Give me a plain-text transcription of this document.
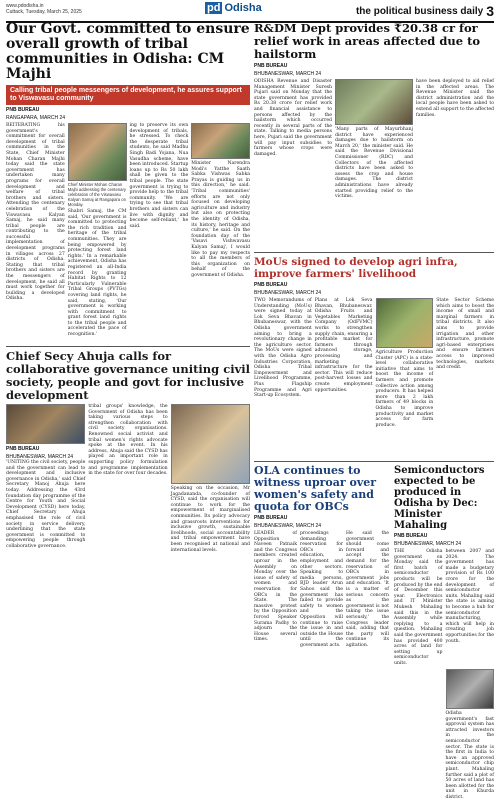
www.pdodisha.in
Cuttack, Tuesday, March 25, 2025	pd Odisha	the political business daily 3
Our Govt. committed to ensure overall growth of tribal communities in Odisha: CM Majhi
Calling tribal people messengers of development, he assures support to Viswavasu community
PNB BUREAU
RANGAPARA, MARCH 24
REITERATING his government's commitment for overall development of tribal communities in the State, Chief Minister Mohan Charan Majhi today said the state government has undertaken many programs for overall development and welfare of tribal brothers and sisters. Attending the centenary celebration of the Viswavasu Kalyan Samaj, he said many tribal people are contributing to the successful implementation of development programs in villages across 27 districts of Odisha. Stating that tribal brothers and sisters are the messengers of development, he said all must work together for building a developed Odisha.
Chief Minister Mohan Charan Majhi addressing the centenary celebration of the Viswavasu Kalyan Samaj at Rangapara on Monday.
Shabri Samaj, the CM said, 'Our government is committed to protecting the rich tradition and heritage of the tribal communities. They are being empowered by protecting forest land rights.' In a remarkable achievement, Odisha has registered an all-India record by granting Habitat Rights to 12 Particularly Vulnerable Tribal Groups (PVTGs) covering land rights, he said, stating, 'Our government is working with commitment to grant forest land rights to the tribal people and accelerated the pace of recognition.'
ing to preserve its own development of tribals, he stressed. To check the desperate tribal students, he said Madhu Singh Badi Yojana, Nua Vasudha scheme, have been introduced. Startup loans up to Rs 50 lakh shall be given to the tribal people. The state government is trying to provide help to the tribal community. 'We are trying to see that tribal brothers and sisters can live with dignity and become self-reliant,' he said.
Minister Narendra Modi's Yatthe Saath Sabka Vishwas Sabka Prayas is guiding us in this direction,' he said. 'Tribal communities' efforts are not only focused on developing agriculture and industry but also on protecting the identity of Odisha, its history, heritage and culture,' he said. On the foundation day of the 'Vasavi Vishwavasu Kalyan Samaj', I would like to pay my respects to all the members of this organization on behalf of the government of Odisha.
Chief Secy Ahuja calls for collaborative governance uniting civil society, people and govt for inclusive development
PNB BUREAU
BHUBANESWAR, MARCH 24
'UNITING the civil society, people and the government can lead to development and inclusive governance in Odisha,' said Chief Secretary Manoj Ahuja here today. Addressing the 43rd foundation day programme of the Centre for Youth and Social Development (CYSD) here today, Chief Secretary Ahuja emphasised the role of civil society in service delivery, underlining that the state government is committed to empowering people through collaborative governance.
tribal groups' knowledge, the Government of Odisha has been taking various steps to strengthen collaboration with civil society organisations. Renowned social activist and tribal women's rights advocate spoke at the event. In his address, Ahuja said the CYSD has played an important role in supporting policy formulation and programme implementation in the state for over four decades.
Speaking on the occasion, Mr Jagadananda, co-founder of CYSD, said the organisation will continue to work for the empowerment of marginalised communities. Its policy advocacy and grassroots interventions for inclusive growth, sustainable livelihoods, social accountability and tribal empowerment have been recognised at national and international levels.
R&DM Dept provides ₹20.38 cr for relief work in areas affected due to hailstorm
PNB BUREAU
BHUBANESWAR, MARCH 24
ODISHA Revenue and Disaster Management Minister Suresh Pujari said on Monday that the state government has provided Rs 20.38 crore for relief work and financial assistance to persons affected by the hailstorm which occurred recently in several parts of the state. Talking to media persons here, Pujari said the government will pay input subsidies to farmers whose crops were damaged.
'Many parts of Mayurbhanj district have experienced damages due to hailstorm on March 20,' the minister said. He said the Revenue Divisional Commissioner (RDC) and Collectors of the affected districts have been asked to assess the crop and house damages. The district administrations have already started providing relief to the victims.
have been deployed to aid relief in the affected areas. The Revenue Minister said the district administration and the local people have been asked to extend all support to the affected families.
MoUs signed to develop agri infra, improve farmers' livelihood
PNB BUREAU
BHUBANESWAR, MARCH 24
TWO Memorandums of Understanding (MoUs) were signed today at Lok Seva Bhavan in Bhubaneswar, with the Odisha government aiming to bring a revolutionary change in the agriculture sector. The MoUs were signed with the Odisha Agro Industries Corporation, Odisha Tribal Empowerment and Livelihood Programme, Plus Flagship Programme and Agri Start-up Ecosystem.
Plans at Lok Seva Bhavan, Bhubaneswar. Odisha Fruits and Vegetables Marketing Company (OdFVMC) works to strengthen supply chain, ensuring a profitable market for farmers through advanced storage, processing and marketing infrastructure for the sector. This will reduce post-harvest losses and create employment opportunities.
Agriculture Production Cluster (APC) is a state-level collaborative initiative that aims to boost the income of farmers and promote collective action among producers. It has helped more than 2 lakh farmers of 49 blocks in Odisha to improve productivity and market access for farm produce.
State Sector Scheme which aims to boost the income of small and marginal farmers in tribal districts. It also aims to provide irrigation and other infrastructure, promote agri-based enterprises and ensure farmers access to improved technologies, markets and credit.
OLA continues to witness uproar over women's safety and quota for OBCs
PNB BUREAU
BHUBANESWAR, MARCH 24
LEADER of Opposition Naveen Patnaik and the Congress members created uproar in the Assembly on Monday over the issue of safety of women and reservation for OBCs in the State. The massive protest by the Opposition forced Speaker Surama Padhy to adjourn the House several times.
proceedings demanding reservation for OBCs in education, employment and other sectors. Speaking to media persons, BJD leader Arun Sahoo said the government has failed to provide safety to women and the Opposition will continue to raise the issue in and outside the House until the government acts.
He said the government should come forward and accept the demand for the reservation of OBCs in government jobs and education. 'It is a matter of serious concern as the government is not taking the issue seriously,' the Congress leader said, adding that the party will continue its agitation.
Semiconductors expected to be produced in Odisha by Dec: Minister Mahaling
PNB BUREAU
BHUBANESWAR, MARCH 24
THE Odisha government on Monday said the first batch of semiconductor products will be produced by the end of December this year. Electronics and IT Minister Mukesh Mahaling said this in the Assembly while replying to a question. Mahaling said the government has provided 400 acres of land for setting up semiconductor units.
between 2007 and 2024. The government has made a budgetary provision of Rs 100 crore for the development of semiconductor units. Mahaling said the state is aiming to become a hub for semiconductor manufacturing, which will help in creating job opportunities for the youth.
Odisha government's fast approval system has attracted investors in the semiconductor sector. The state is the first in India to have an approved semiconductor chip plant. Mahaling further said a plot of 50 acres of land has been allotted for the unit in Khurda district.
